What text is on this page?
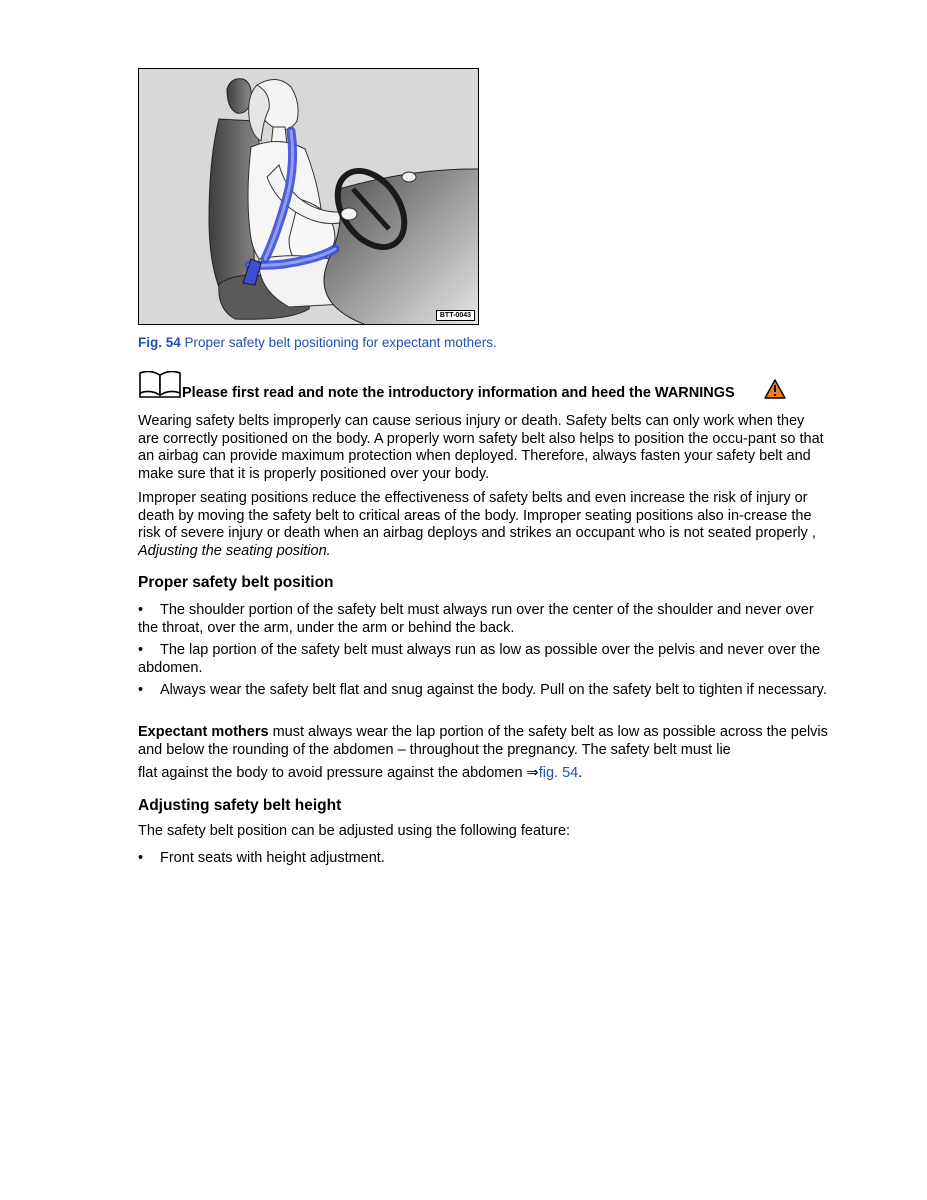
BTT-0043
Fig. 54 Proper safety belt positioning for expectant mothers.
Please first read and note the introductory information and heed the WARNINGS

Wearing safety belts improperly can cause serious injury or death. Safety belts can only work when they are correctly positioned on the body. A properly worn safety belt also helps to position the occu-pant so that an airbag can provide maximum protection when deployed. Therefore, always fasten your safety belt and make sure that it is properly positioned over your body.

Improper seating positions reduce the effectiveness of safety belts and even increase the risk of injury or death by moving the safety belt to critical areas of the body. Improper seating positions also in-crease the risk of severe injury or death when an airbag deploys and strikes an occupant who is not seated properly , Adjusting the seating position.

Proper safety belt position

• The shoulder portion of the safety belt must always run over the center of the shoulder and never over the throat, over the arm, under the arm or behind the back.

• The lap portion of the safety belt must always run as low as possible over the pelvis and never over the abdomen.

• Always wear the safety belt flat and snug against the body. Pull on the safety belt to tighten if necessary.

Expectant mothers must always wear the lap portion of the safety belt as low as possible across the pelvis and below the rounding of the abdomen – throughout the pregnancy. The safety belt must lie

flat against the body to avoid pressure against the abdomen ⇒fig. 54.

Adjusting safety belt height

The safety belt position can be adjusted using the following feature:

• Front seats with height adjustment.
